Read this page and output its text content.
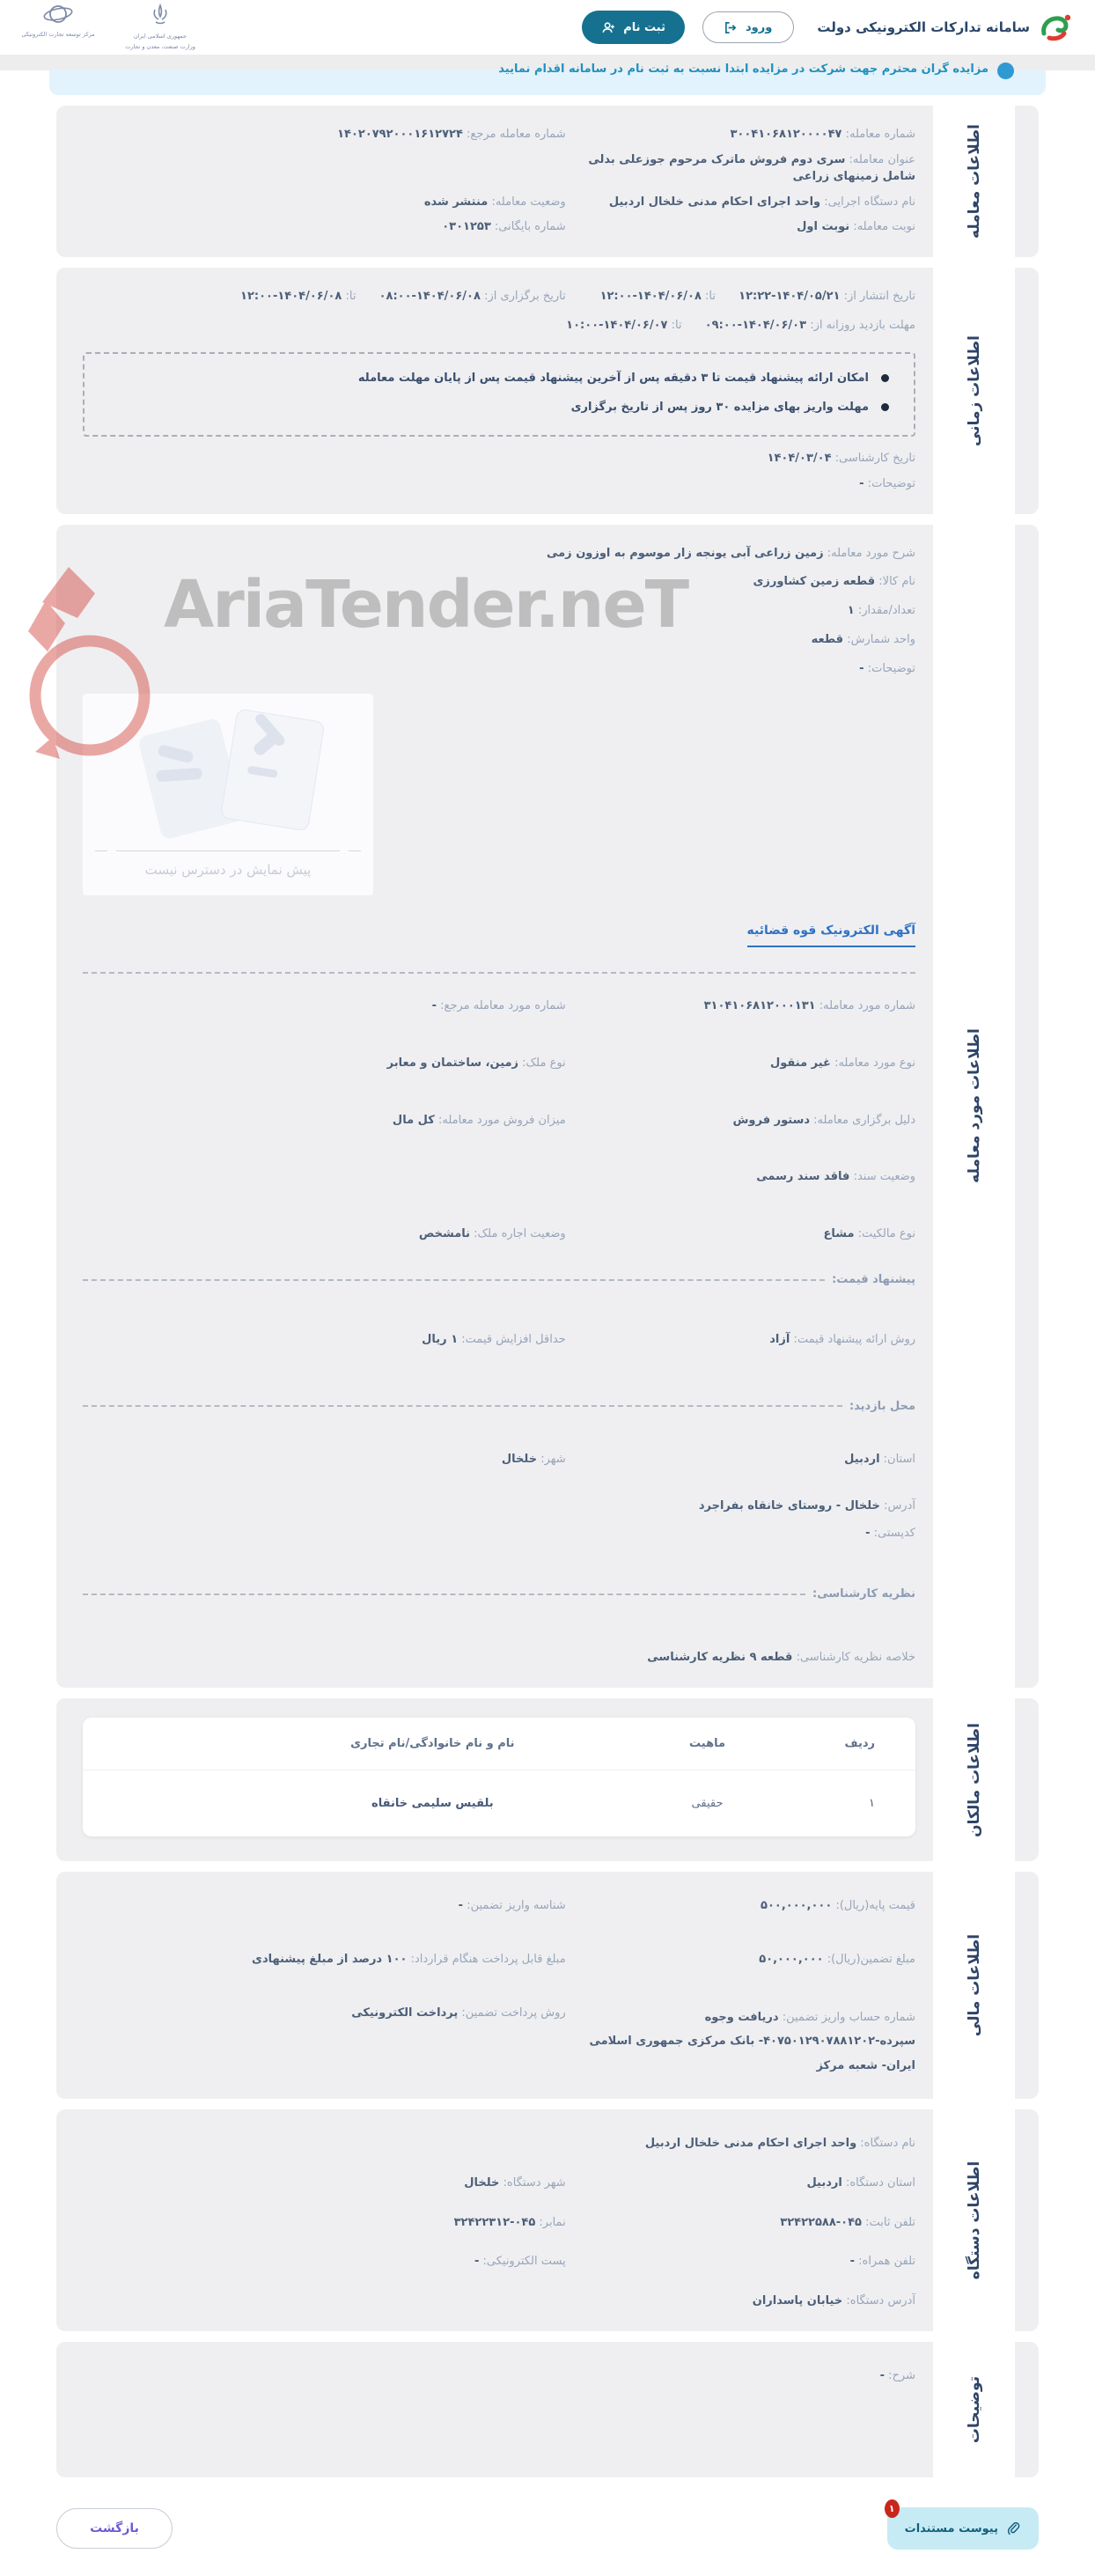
سامانه تدارکات الکترونیکی دولت
ورود
ثبت نام
جمهوری اسلامی ایران
وزارت صنعت، معدن و تجارت
مرکز توسعه تجارت الکترونیکی
مزایده گران محترم جهت شرکت در مزایده ابتدا نسبت به ثبت نام در سامانه اقدام نمایید
شماره معامله: ۳۰۰۴۱۰۶۸۱۲۰۰۰۰۴۷
شماره معامله مرجع: ۱۴۰۲۰۷۹۲۰۰۰۱۶۱۲۷۲۴
عنوان معامله: سری دوم فروش ماترک مرحوم جوزعلی بدلی شامل زمینهای زراعی
نام دستگاه اجرایی: واحد اجرای احکام مدنی خلخال اردبیل
وضعیت معامله: منتشر شده
نوبت معامله: نوبت اول
شماره بایگانی: ۰۳۰۱۲۵۳	اطلاعات معامله
تاریخ انتشار از: ۱۴۰۴/۰۵/۲۱-۱۲:۲۲ تا: ۱۴۰۴/۰۶/۰۸-۱۲:۰۰
تاریخ برگزاری از: ۱۴۰۴/۰۶/۰۸-۰۸:۰۰ تا: ۱۴۰۴/۰۶/۰۸-۱۲:۰۰
مهلت بازدید روزانه از: ۱۴۰۴/۰۶/۰۳-۰۹:۰۰ تا: ۱۴۰۴/۰۶/۰۷-۱۰:۰۰
امکان ارائه پیشنهاد قیمت تا ۳ دقیقه پس از آخرین پیشنهاد قیمت پس از پایان مهلت معامله
مهلت واریز بهای مزایده ۳۰ روز پس از تاریخ برگزاری
تاریخ کارشناسی: ۱۴۰۴/۰۳/۰۴
توضیحات: -
اطلاعات زمانی
شرح مورد معامله: زمین زراعی آبی یونجه زار موسوم به اوزون زمی
نام کالا: قطعه زمین کشاورزی
تعداد/مقدار: ۱
واحد شمارش: قطعه
توضیحات: -
پیش نمایش در دسترس نیست
آگهی الکترونیک قوه قضائیه
شماره مورد معامله: ۳۱۰۴۱۰۶۸۱۲۰۰۰۱۳۱
شماره مورد معامله مرجع: -
نوع مورد معامله: غیر منقول
نوع ملک: زمین، ساختمان و معابر
دلیل برگزاری معامله: دستور فروش
میزان فروش مورد معامله: کل مال
وضعیت سند: فاقد سند رسمی
نوع مالکیت: مشاع
وضعیت اجاره ملک: نامشخص
پیشنهاد قیمت:
روش ارائه پیشنهاد قیمت: آزاد
حداقل افزایش قیمت: ۱ ریال
محل بازدید:
استان: اردبیل
شهر: خلخال
آدرس: خلخال - روستای خانقاه بفراجرد
کدپستی: -
نظریه کارشناسی:
خلاصه نظریه کارشناسی: قطعه ۹ نظریه کارشناسی
AriaTender.neT
اطلاعات مورد معامله
ردیف	ماهیت	نام و نام خانوادگی/نام تجاری	
۱	حقیقی	بلقیس سلیمی خانقاه		اطلاعات مالکان
قیمت پایه(ریال): ۵۰۰,۰۰۰,۰۰۰
شناسه واریز تضمین: -
مبلغ تضمین(ریال): ۵۰,۰۰۰,۰۰۰
مبلغ قابل پرداخت هنگام قرارداد: ۱۰۰ درصد از مبلغ پیشنهادی
شماره حساب واریز تضمین: دریافت وجوه سپرده-۴۰۷۵۰۱۲۹۰۷۸۸۱۲۰۲- بانک مرکزی جمهوری اسلامی ایران- شعبه مرکز
روش پرداخت تضمین: پرداخت الکترونیکی	اطلاعات مالی
نام دستگاه: واحد اجرای احکام مدنی خلخال اردبیل
استان دستگاه: اردبیل
شهر دستگاه: خلخال
تلفن ثابت: ۰۴۵-۳۲۴۲۲۵۸۸
نمابر: ۰۴۵-۳۲۴۲۲۳۱۲
تلفن همراه: -
پست الکترونیکی: -
آدرس دستگاه: خیابان پاسداران
اطلاعات دستگاه
شرح: -
توضیحات
۱
پیوست مستندات
بازگشت
